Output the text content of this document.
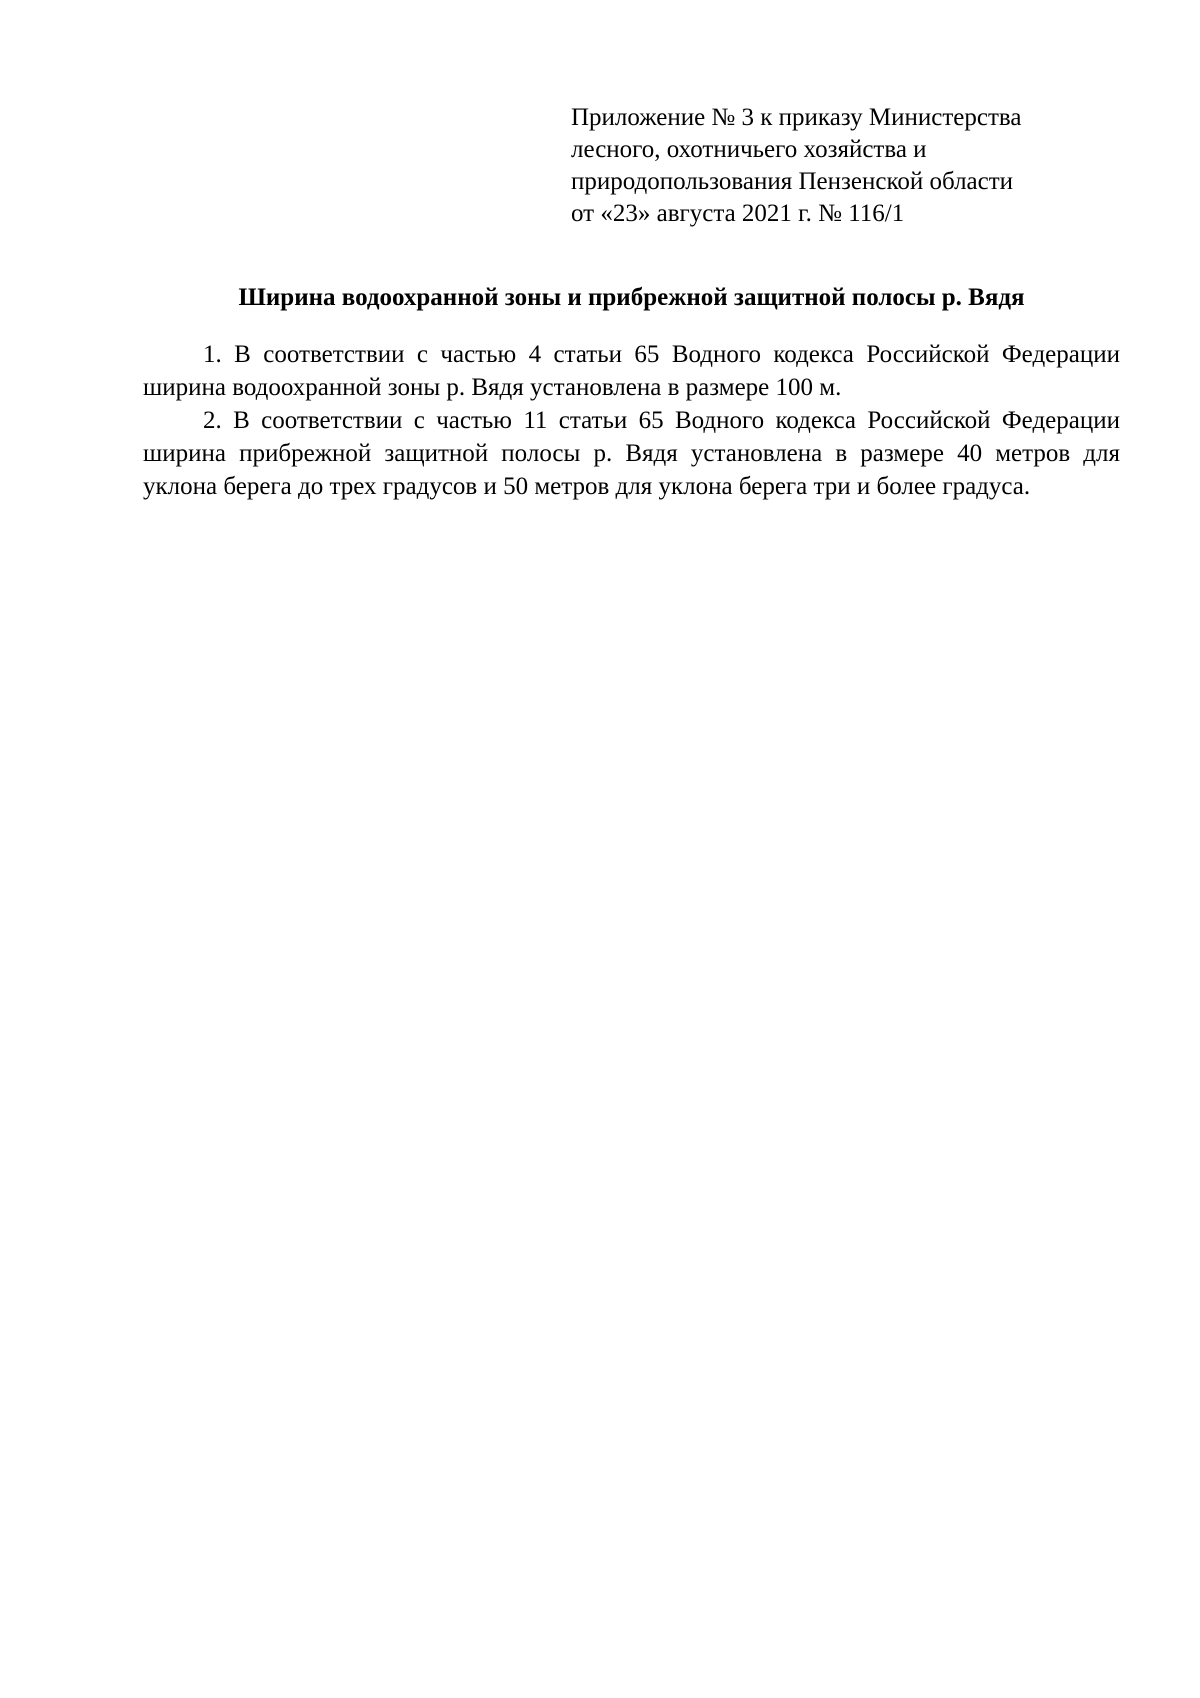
Приложение № 3 к приказу Министерства
лесного, охотничьего хозяйства и
природопользования Пензенской области
от «23» августа 2021 г. № 116/1
Ширина водоохранной зоны и прибрежной защитной полосы р. Вядя

1. В соответствии с частью 4 статьи 65 Водного кодекса Российской Федерации ширина водоохранной зоны р. Вядя установлена в размере 100 м.

2. В соответствии с частью 11 статьи 65 Водного кодекса Российской Федерации ширина прибрежной защитной полосы р. Вядя установлена в размере 40 метров для уклона берега до трех градусов и 50 метров для уклона берега три и более градуса.
